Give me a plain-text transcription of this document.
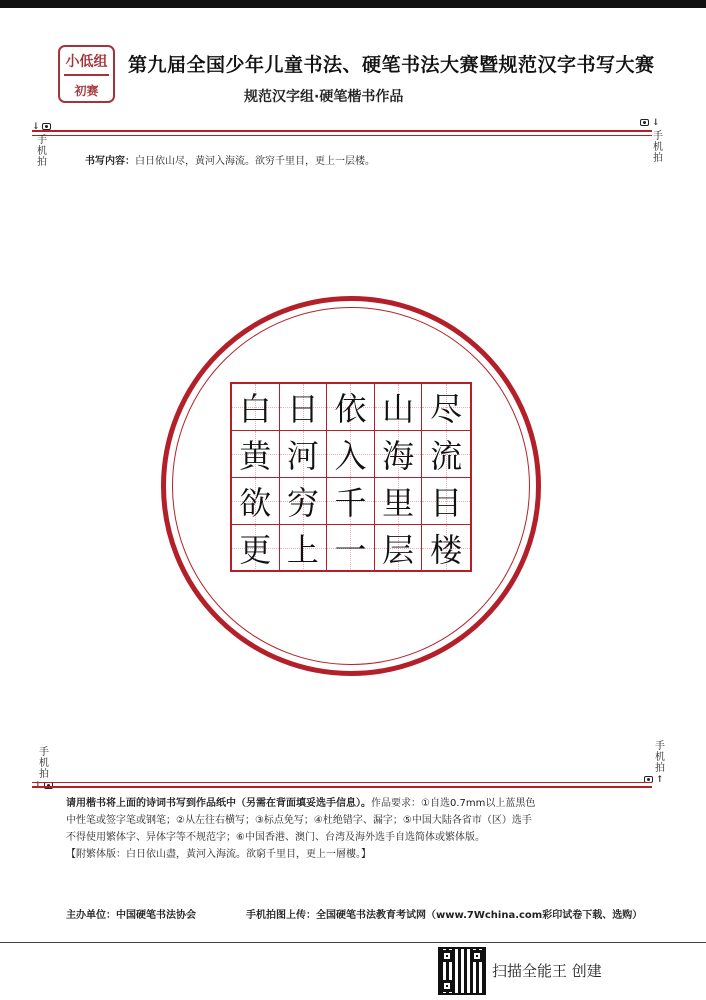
小低组
初赛
第九届全国少年儿童书法、硬笔书法大赛暨规范汉字书写大赛
规范汉字组·硬笔楷书作品
↓
手机拍
↓
手机拍
书写内容：白日依山尽，黄河入海流。欲穷千里目，更上一层楼。
白 日 依 山 尽
黄 河 入 海 流
欲 穷 千 里 目
更 上 一 层 楼
手机拍	手机拍
↑

请用楷书将上面的诗词书写到作品纸中（另需在背面填妥选手信息）。作品要求：①自选0.7mm以上蓝黑色

中性笔或签字笔或钢笔；②从左往右横写；③标点免写；④杜绝错字、漏字；⑤中国大陆各省市（区）选手

不得使用繁体字、异体字等不规范字；⑥中国香港、澳门、台湾及海外选手自选简体或繁体版。

【附繁体版：白日依山盡，黃河入海流。欲窮千里目，更上一層樓。】

主办单位：中国硬笔书法协会	手机拍图上传：全国硬笔书法教育考试网（www.7Wchina.com彩印试卷下载、选购）
扫描全能王 创建
